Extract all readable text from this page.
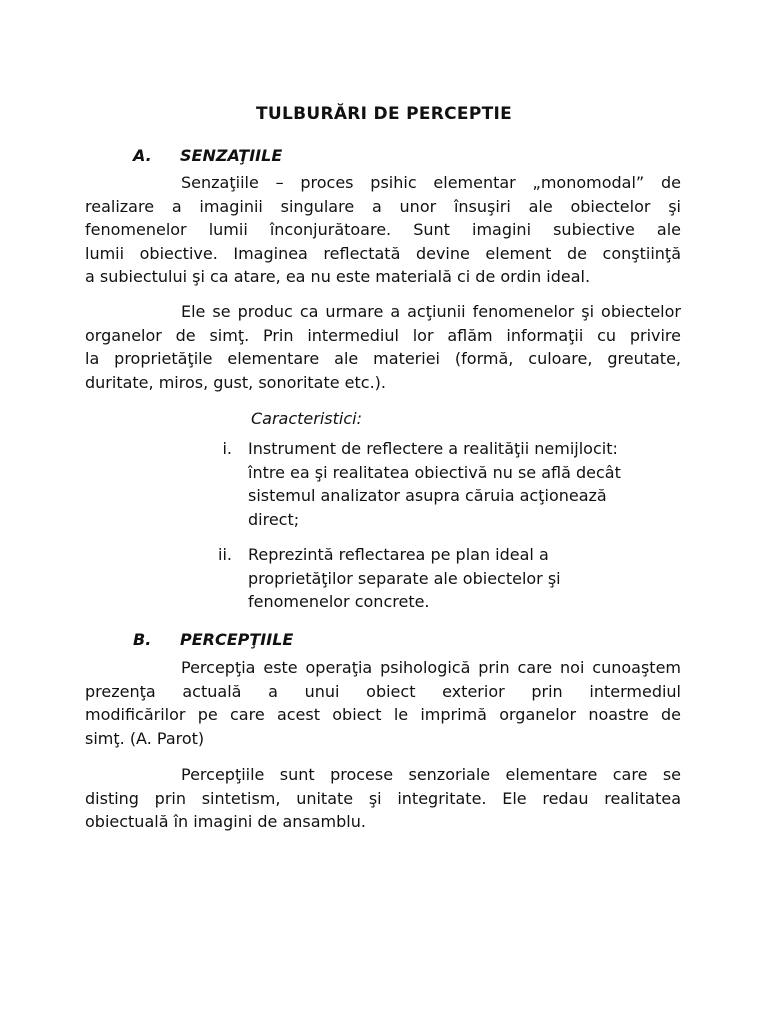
TULBURĂRI DE PERCEPTIE
A. SENZAŢIILE
Senzaţiile – proces psihic elementar „monomodal” de
realizare a imaginii singulare a unor însuşiri ale obiectelor şi
fenomenelor lumii înconjurătoare. Sunt imagini subiective ale
lumii obiective. Imaginea reflectată devine element de conştiinţă
a subiectului şi ca atare, ea nu este materială ci de ordin ideal.
Ele se produc ca urmare a acţiunii fenomenelor şi obiectelor
organelor de simţ. Prin intermediul lor aflăm informaţii cu privire
la proprietăţile elementare ale materiei (formă, culoare, greutate,
duritate, miros, gust, sonoritate etc.).
Caracteristici:
i. Instrument de reflectere a realităţii nemijlocit:
între ea şi realitatea obiectivă nu se află decât
sistemul analizator asupra căruia acţionează
direct;
ii. Reprezintă reflectarea pe plan ideal a
proprietăţilor separate ale obiectelor şi
fenomenelor concrete.
B. PERCEPŢIILE
Percepţia este operaţia psihologică prin care noi cunoaştem
prezenţa actuală a unui obiect exterior prin intermediul
modificărilor pe care acest obiect le imprimă organelor noastre de
simţ. (A. Parot)
Percepţiile sunt procese senzoriale elementare care se
disting prin sintetism, unitate şi integritate. Ele redau realitatea
obiectuală în imagini de ansamblu.
